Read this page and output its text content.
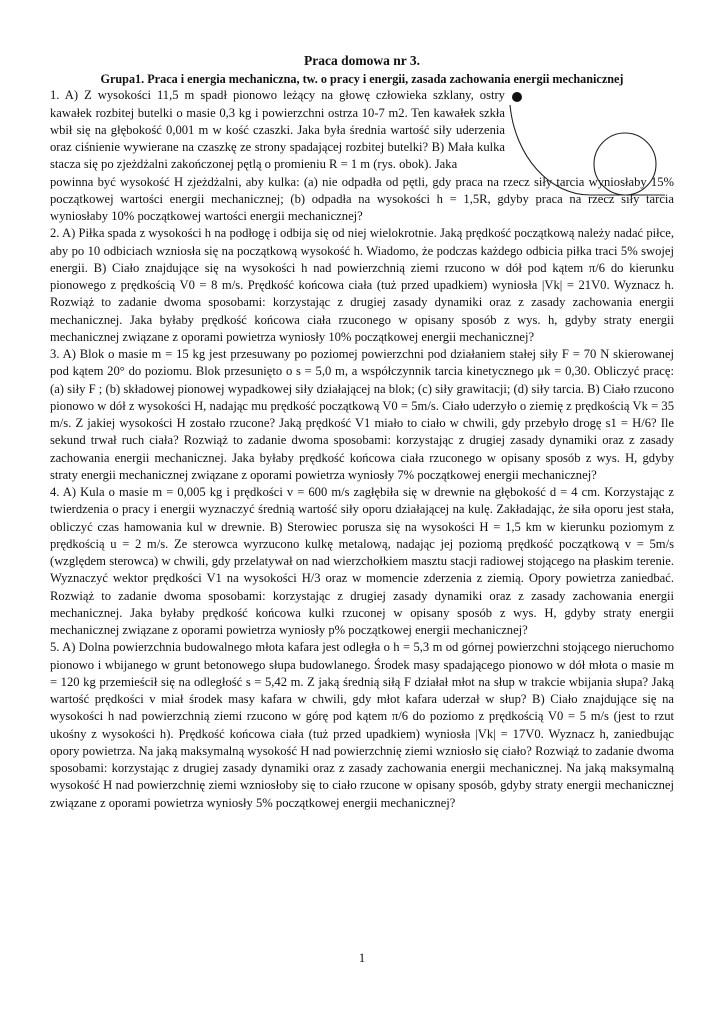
Praca domowa nr 3.
Grupa1. Praca i energia mechaniczna, tw. o pracy i energii, zasada zachowania energii mechanicznej

1. A) Z wysokości 11,5 m spadł pionowo leżący na głowę człowieka szklany, ostry kawałek rozbitej butelki o masie 0,3 kg i powierzchni ostrza 10-7 m2. Ten kawałek szkła wbił się na głębokość 0,001 m w kość czaszki. Jaka była średnia wartość siły uderzenia oraz ciśnienie wywierane na czaszkę ze strony spadającej rozbitej butelki? B) Mała kulka stacza się po zjeżdżalni zakończonej pętlą o promieniu R = 1 m (rys. obok). Jaka

powinna być wysokość H zjeżdżalni, aby kulka: (a) nie odpadła od pętli, gdy praca na rzecz siły tarcia wyniosłaby 15% początkowej wartości energii mechanicznej; (b) odpadła na wysokości h = 1,5R, gdyby praca na rzecz siły tarcia wyniosłaby 10% początkowej wartości energii mechanicznej?

2. A) Piłka spada z wysokości h na podłogę i odbija się od niej wielokrotnie. Jaką prędkość początkową należy nadać piłce, aby po 10 odbiciach wzniosła się na początkową wysokość h. Wiadomo, że podczas każdego odbicia piłka traci 5% swojej energii. B) Ciało znajdujące się na wysokości h nad powierzchnią ziemi rzucono w dół pod kątem π/6 do kierunku pionowego z prędkością V0 = 8 m/s. Prędkość końcowa ciała (tuż przed upadkiem) wyniosła |Vk| = 21V0. Wyznacz h. Rozwiąż to zadanie dwoma sposobami: korzystając z drugiej zasady dynamiki oraz z zasady zachowania energii mechanicznej. Jaka byłaby prędkość końcowa ciała rzuconego w opisany sposób z wys. h, gdyby straty energii mechanicznej związane z oporami powietrza wyniosły 10% początkowej energii mechanicznej?

3. A) Blok o masie m = 15 kg jest przesuwany po poziomej powierzchni pod działaniem stałej siły F = 70 N skierowanej pod kątem 20° do poziomu. Blok przesunięto o s = 5,0 m, a współczynnik tarcia kinetycznego μk = 0,30. Obliczyć pracę: (a) siły F ; (b) składowej pionowej wypadkowej siły działającej na blok; (c) siły grawitacji; (d) siły tarcia. B) Ciało rzucono pionowo w dół z wysokości H, nadając mu prędkość początkową V0 = 5m/s. Ciało uderzyło o ziemię z prędkością Vk = 35 m/s. Z jakiej wysokości H zostało rzucone? Jaką prędkość V1 miało to ciało w chwili, gdy przebyło drogę s1 = H/6? Ile sekund trwał ruch ciała? Rozwiąż to zadanie dwoma sposobami: korzystając z drugiej zasady dynamiki oraz z zasady zachowania energii mechanicznej. Jaka byłaby prędkość końcowa ciała rzuconego w opisany sposób z wys. H, gdyby straty energii mechanicznej związane z oporami powietrza wyniosły 7% początkowej energii mechanicznej?

4. A) Kula o masie m = 0,005 kg i prędkości v = 600 m/s zagłębiła się w drewnie na głębokość d = 4 cm. Korzystając z twierdzenia o pracy i energii wyznaczyć średnią wartość siły oporu działającej na kulę. Zakładając, że siła oporu jest stała, obliczyć czas hamowania kul w drewnie. B) Sterowiec porusza się na wysokości H = 1,5 km w kierunku poziomym z prędkością u = 2 m/s. Ze sterowca wyrzucono kulkę metalową, nadając jej poziomą prędkość początkową v = 5m/s (względem sterowca) w chwili, gdy przelatywał on nad wierzchołkiem masztu stacji radiowej stojącego na płaskim terenie. Wyznaczyć wektor prędkości V1 na wysokości H/3 oraz w momencie zderzenia z ziemią. Opory powietrza zaniedbać. Rozwiąż to zadanie dwoma sposobami: korzystając z drugiej zasady dynamiki oraz z zasady zachowania energii mechanicznej. Jaka byłaby prędkość końcowa kulki rzuconej w opisany sposób z wys. H, gdyby straty energii mechanicznej związane z oporami powietrza wyniosły p% początkowej energii mechanicznej?

5. A) Dolna powierzchnia budowalnego młota kafara jest odległa o h = 5,3 m od górnej powierzchni stojącego nieruchomo pionowo i wbijanego w grunt betonowego słupa budowlanego. Środek masy spadającego pionowo w dół młota o masie m = 120 kg przemieścił się na odległość s = 5,42 m. Z jaką średnią siłą F działał młot na słup w trakcie wbijania słupa? Jaką wartość prędkości v miał środek masy kafara w chwili, gdy młot kafara uderzał w słup? B) Ciało znajdujące się na wysokości h nad powierzchnią ziemi rzucono w górę pod kątem π/6 do poziomo z prędkością V0 = 5 m/s (jest to rzut ukośny z wysokości h). Prędkość końcowa ciała (tuż przed upadkiem) wyniosła |Vk| = 17V0. Wyznacz h, zaniedbując opory powietrza. Na jaką maksymalną wysokość H nad powierzchnię ziemi wzniosło się ciało? Rozwiąż to zadanie dwoma sposobami: korzystając z drugiej zasady dynamiki oraz z zasady zachowania energii mechanicznej. Na jaką maksymalną wysokość H nad powierzchnię ziemi wzniosłoby się to ciało rzucone w opisany sposób, gdyby straty energii mechanicznej związane z oporami powietrza wyniosły 5% początkowej energii mechanicznej?

1
